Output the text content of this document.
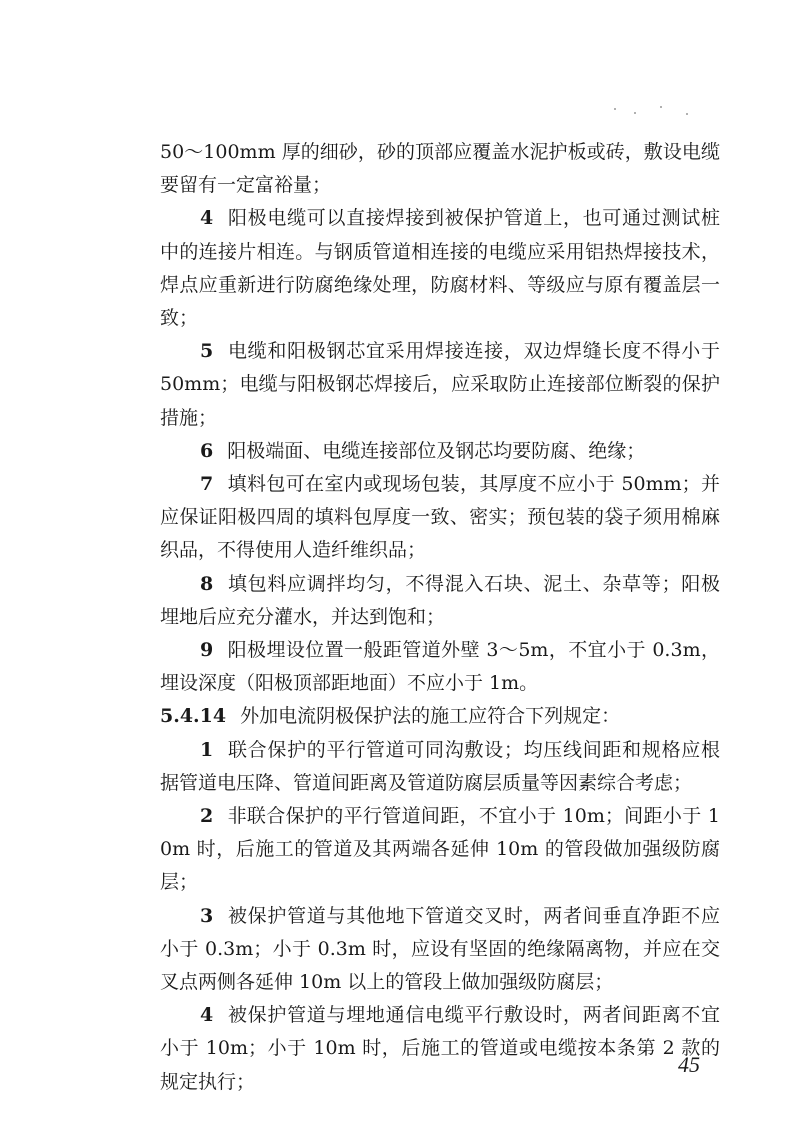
50～100mm 厚的细砂，砂的顶部应覆盖水泥护板或砖，敷设电缆要留有一定富裕量；

4 阳极电缆可以直接焊接到被保护管道上，也可通过测试桩中的连接片相连。与钢质管道相连接的电缆应采用铝热焊接技术，焊点应重新进行防腐绝缘处理，防腐材料、等级应与原有覆盖层一致；

5 电缆和阳极钢芯宜采用焊接连接，双边焊缝长度不得小于 50mm；电缆与阳极钢芯焊接后，应采取防止连接部位断裂的保护措施；

6 阳极端面、电缆连接部位及钢芯均要防腐、绝缘；

7 填料包可在室内或现场包装，其厚度不应小于 50mm；并应保证阳极四周的填料包厚度一致、密实；预包装的袋子须用棉麻织品，不得使用人造纤维织品；

8 填包料应调拌均匀，不得混入石块、泥土、杂草等；阳极埋地后应充分灌水，并达到饱和；

9 阳极埋设位置一般距管道外壁 3～5m，不宜小于 0.3m，埋设深度（阳极顶部距地面）不应小于 1m。

5.4.14 外加电流阴极保护法的施工应符合下列规定：

1 联合保护的平行管道可同沟敷设；均压线间距和规格应根据管道电压降、管道间距离及管道防腐层质量等因素综合考虑；

2 非联合保护的平行管道间距，不宜小于 10m；间距小于 10m 时，后施工的管道及其两端各延伸 10m 的管段做加强级防腐层；

3 被保护管道与其他地下管道交叉时，两者间垂直净距不应小于 0.3m；小于 0.3m 时，应设有坚固的绝缘隔离物，并应在交叉点两侧各延伸 10m 以上的管段上做加强级防腐层；

4 被保护管道与埋地通信电缆平行敷设时，两者间距离不宜小于 10m；小于 10m 时，后施工的管道或电缆按本条第 2 款的规定执行；

45
